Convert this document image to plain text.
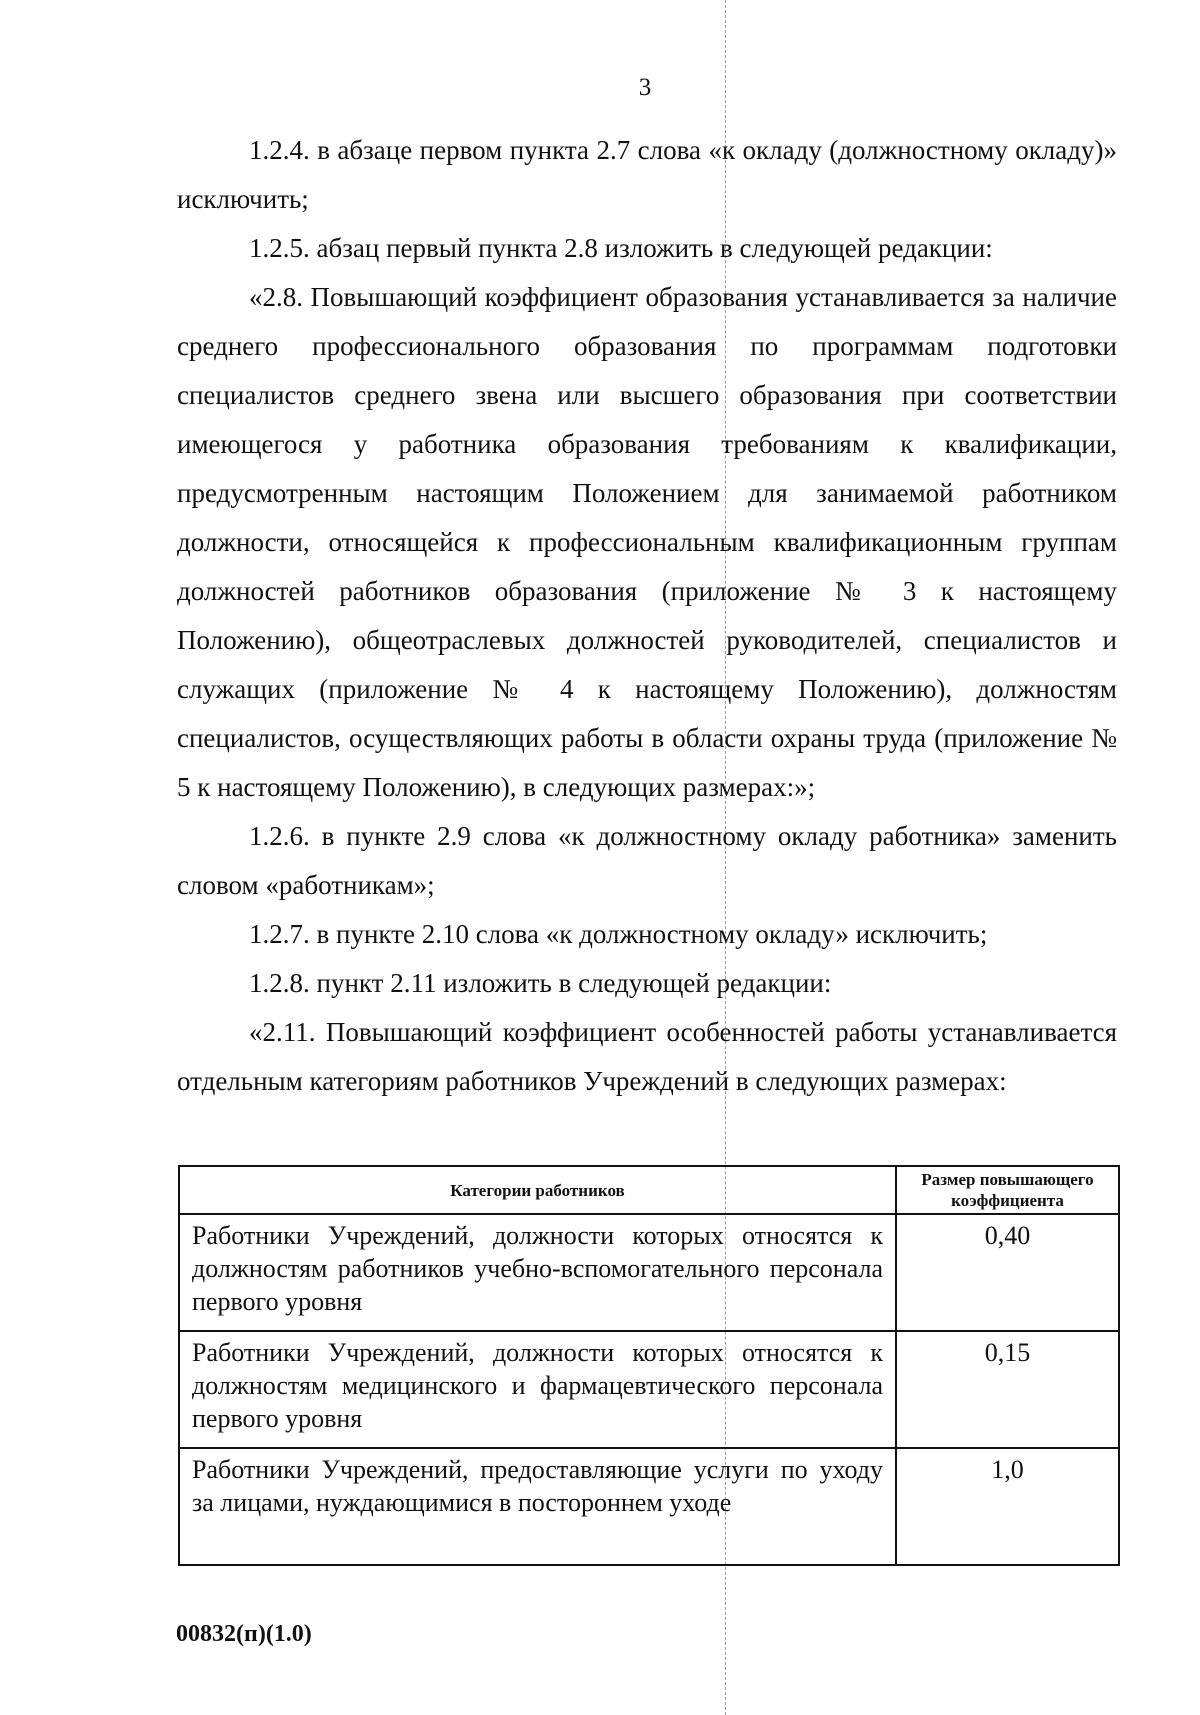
3

1.2.4. в абзаце первом пункта 2.7 слова «к окладу (должностному окладу)» исключить;

1.2.5. абзац первый пункта 2.8 изложить в следующей редакции:

«2.8. Повышающий коэффициент образования устанавливается за наличие среднего профессионального образования по программам подготовки специалистов среднего звена или высшего образования при соответствии имеющегося у работника образования требованиям к квалификации, предусмотренным настоящим Положением для занимаемой работником должности, относящейся к профессиональным квалификационным группам должностей работников образования (приложение № 3 к настоящему Положению), общеотраслевых должностей руководителей, специалистов и служащих (приложение № 4 к настоящему Положению), должностям специалистов, осуществляющих работы в области охраны труда (приложение № 5 к настоящему Положению), в следующих размерах:»;

1.2.6. в пункте 2.9 слова «к должностному окладу работника» заменить словом «работникам»;

1.2.7. в пункте 2.10 слова «к должностному окладу» исключить;

1.2.8. пункт 2.11 изложить в следующей редакции:

«2.11. Повышающий коэффициент особенностей работы устанавливается отдельным категориям работников Учреждений в следующих размерах:

Категории работников	Размер повышающего коэффициента
Работники Учреждений, должности которых относятся к должностям работников учебно-вспомогательного персонала первого уровня	0,40
Работники Учреждений, должности которых относятся к должностям медицинского и фармацевтического персонала первого уровня	0,15
Работники Учреждений, предоставляющие услуги по уходу за лицами, нуждающимися в постороннем уходе	1,0
00832(п)(1.0)
